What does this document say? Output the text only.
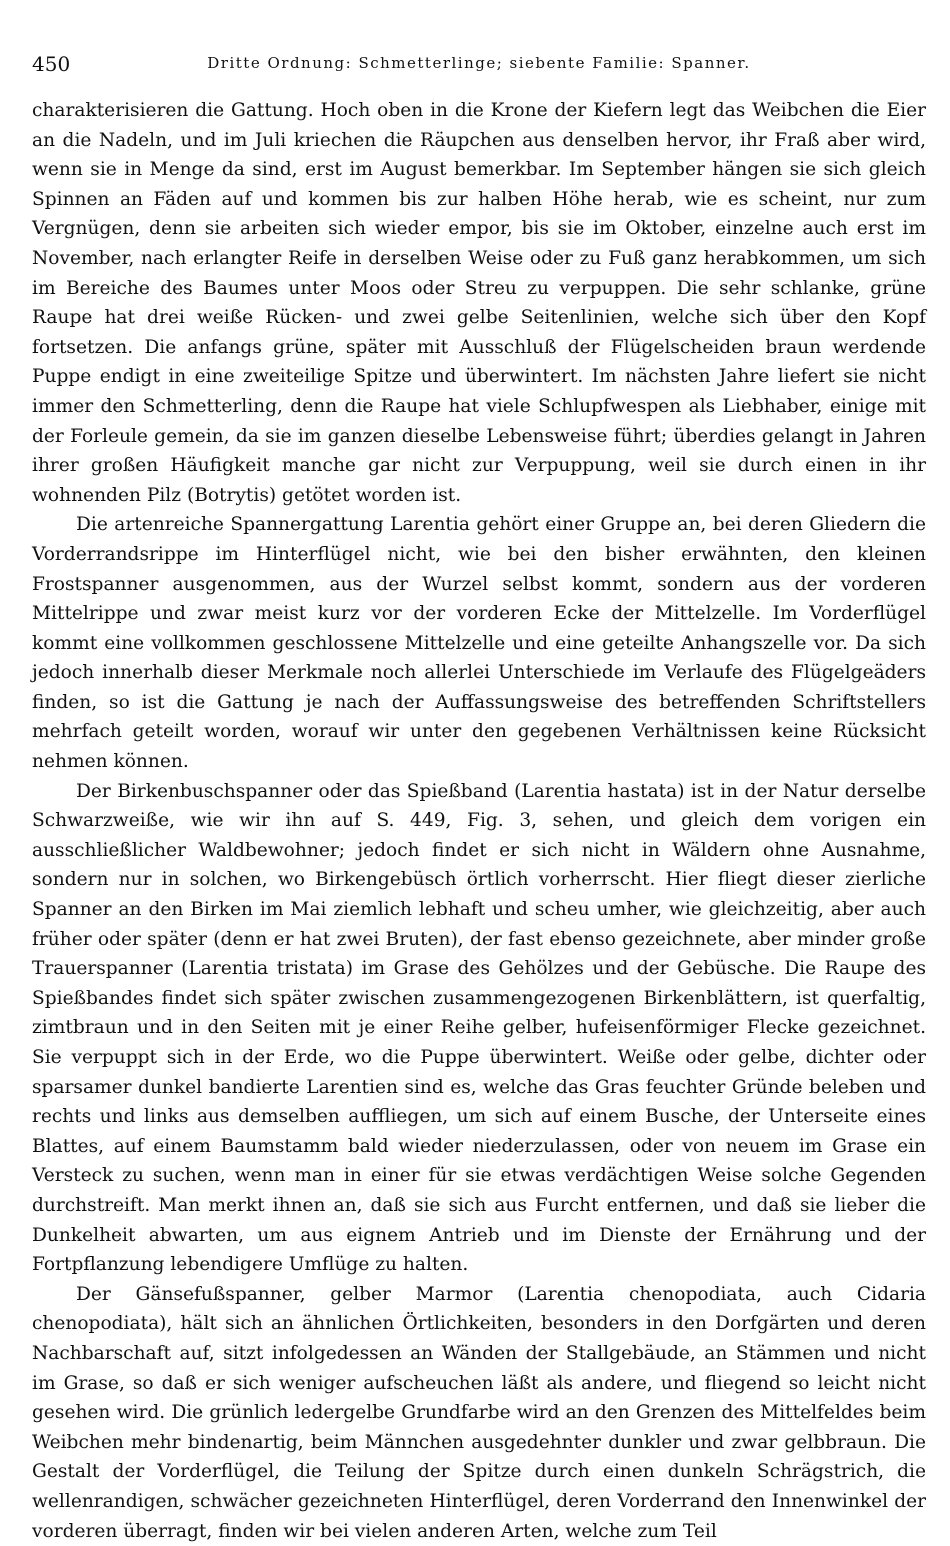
450	Dritte Ordnung: Schmetterlinge; siebente Familie: Spanner.

charakterisieren die Gattung. Hoch oben in die Krone der Kiefern legt das Weibchen die Eier an die Nadeln, und im Juli kriechen die Räupchen aus denselben hervor, ihr Fraß aber wird, wenn sie in Menge da sind, erst im August bemerkbar. Im September hängen sie sich gleich Spinnen an Fäden auf und kommen bis zur halben Höhe herab, wie es scheint, nur zum Vergnügen, denn sie arbeiten sich wieder empor, bis sie im Oktober, einzelne auch erst im November, nach erlangter Reife in derselben Weise oder zu Fuß ganz herabkommen, um sich im Bereiche des Baumes unter Moos oder Streu zu verpuppen. Die sehr schlanke, grüne Raupe hat drei weiße Rücken- und zwei gelbe Seitenlinien, welche sich über den Kopf fortsetzen. Die anfangs grüne, später mit Ausschluß der Flügelscheiden braun werdende Puppe endigt in eine zweiteilige Spitze und überwintert. Im nächsten Jahre liefert sie nicht immer den Schmetterling, denn die Raupe hat viele Schlupfwespen als Liebhaber, einige mit der Forleule gemein, da sie im ganzen dieselbe Lebensweise führt; überdies gelangt in Jahren ihrer großen Häufigkeit manche gar nicht zur Verpuppung, weil sie durch einen in ihr wohnenden Pilz (Botrytis) getötet worden ist.

Die artenreiche Spannergattung Larentia gehört einer Gruppe an, bei deren Gliedern die Vorderrandsrippe im Hinterflügel nicht, wie bei den bisher erwähnten, den kleinen Frostspanner ausgenommen, aus der Wurzel selbst kommt, sondern aus der vorderen Mittelrippe und zwar meist kurz vor der vorderen Ecke der Mittelzelle. Im Vorderflügel kommt eine vollkommen geschlossene Mittelzelle und eine geteilte Anhangszelle vor. Da sich jedoch innerhalb dieser Merkmale noch allerlei Unterschiede im Verlaufe des Flügelgeäders finden, so ist die Gattung je nach der Auffassungsweise des betreffenden Schriftstellers mehrfach geteilt worden, worauf wir unter den gegebenen Verhältnissen keine Rücksicht nehmen können.

Der Birkenbuschspanner oder das Spießband (Larentia hastata) ist in der Natur derselbe Schwarzweiße, wie wir ihn auf S. 449, Fig. 3, sehen, und gleich dem vorigen ein ausschließlicher Waldbewohner; jedoch findet er sich nicht in Wäldern ohne Ausnahme, sondern nur in solchen, wo Birkengebüsch örtlich vorherrscht. Hier fliegt dieser zierliche Spanner an den Birken im Mai ziemlich lebhaft und scheu umher, wie gleichzeitig, aber auch früher oder später (denn er hat zwei Bruten), der fast ebenso gezeichnete, aber minder große Trauerspanner (Larentia tristata) im Grase des Gehölzes und der Gebüsche. Die Raupe des Spießbandes findet sich später zwischen zusammengezogenen Birkenblättern, ist querfaltig, zimtbraun und in den Seiten mit je einer Reihe gelber, hufeisenförmiger Flecke gezeichnet. Sie verpuppt sich in der Erde, wo die Puppe überwintert. Weiße oder gelbe, dichter oder sparsamer dunkel bandierte Larentien sind es, welche das Gras feuchter Gründe beleben und rechts und links aus demselben auffliegen, um sich auf einem Busche, der Unterseite eines Blattes, auf einem Baumstamm bald wieder niederzulassen, oder von neuem im Grase ein Versteck zu suchen, wenn man in einer für sie etwas verdächtigen Weise solche Gegenden durchstreift. Man merkt ihnen an, daß sie sich aus Furcht entfernen, und daß sie lieber die Dunkelheit abwarten, um aus eignem Antrieb und im Dienste der Ernährung und der Fortpflanzung lebendigere Umflüge zu halten.

Der Gänsefußspanner, gelber Marmor (Larentia chenopodiata, auch Cidaria chenopodiata), hält sich an ähnlichen Örtlichkeiten, besonders in den Dorfgärten und deren Nachbarschaft auf, sitzt infolgedessen an Wänden der Stallgebäude, an Stämmen und nicht im Grase, so daß er sich weniger aufscheuchen läßt als andere, und fliegend so leicht nicht gesehen wird. Die grünlich ledergelbe Grundfarbe wird an den Grenzen des Mittelfeldes beim Weibchen mehr bindenartig, beim Männchen ausgedehnter dunkler und zwar gelbbraun. Die Gestalt der Vorderflügel, die Teilung der Spitze durch einen dunkeln Schrägstrich, die wellenrandigen, schwächer gezeichneten Hinterflügel, deren Vorderrand den Innenwinkel der vorderen überragt, finden wir bei vielen anderen Arten, welche zum Teil
